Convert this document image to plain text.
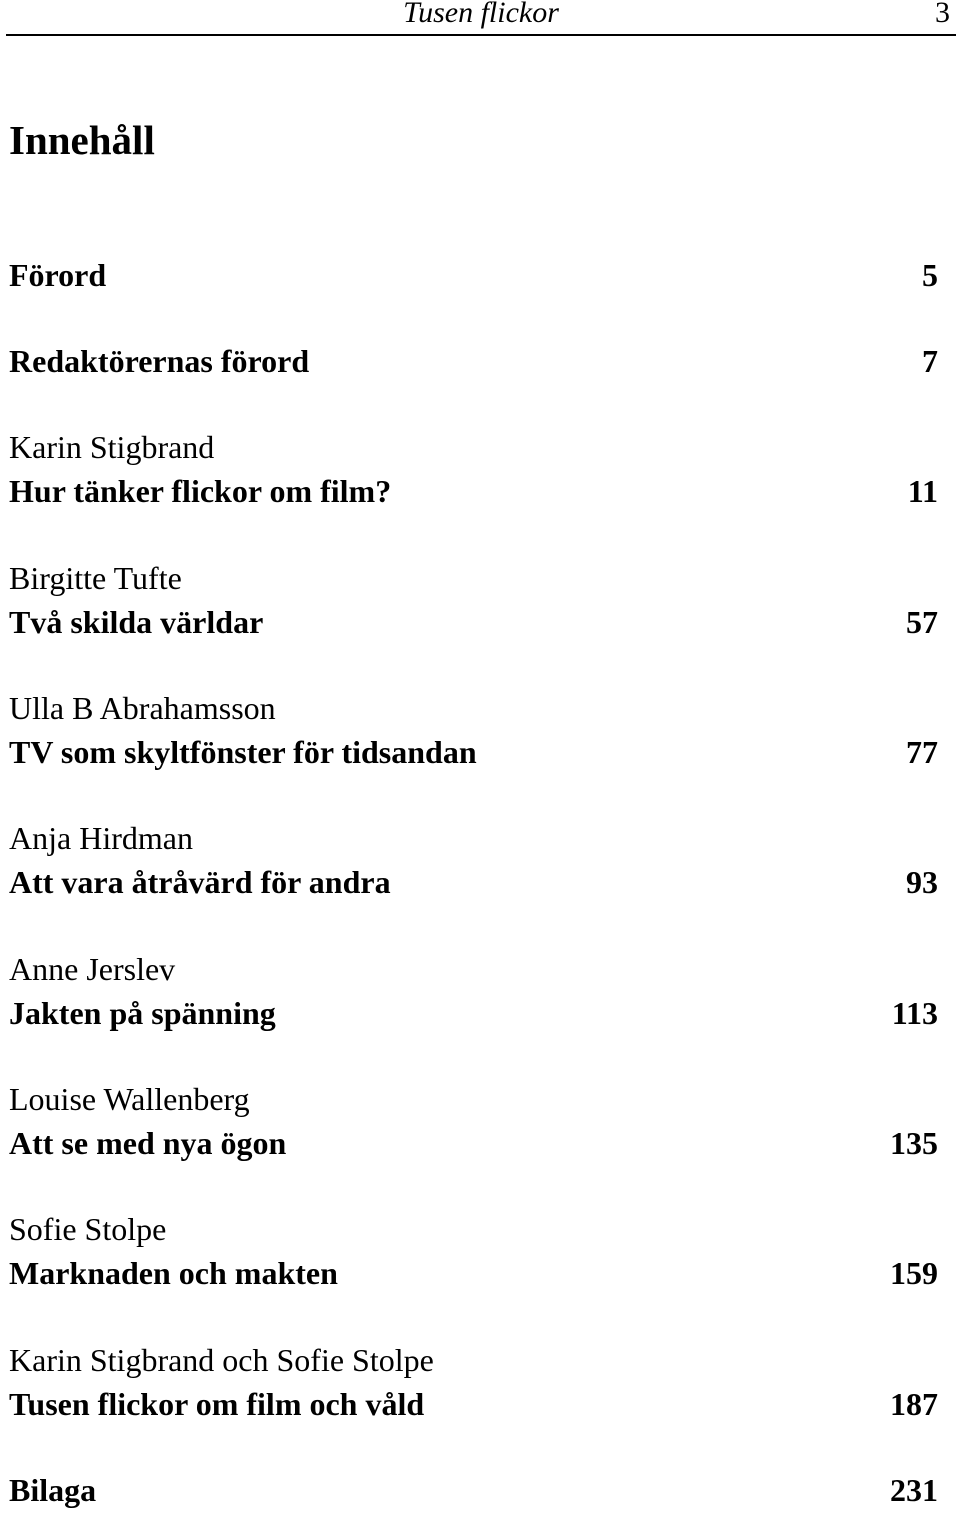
Tusen flickor	3
Innehåll
Förord	5
Redaktörernas förord	7
Karin Stigbrand
Hur tänker flickor om film?	11
Birgitte Tufte
Två skilda världar	57
Ulla B Abrahamsson
TV som skyltfönster för tidsandan	77
Anja Hirdman
Att vara åtråvärd för andra	93
Anne Jerslev
Jakten på spänning	113
Louise Wallenberg
Att se med nya ögon	135
Sofie Stolpe
Marknaden och makten	159
Karin Stigbrand och Sofie Stolpe
Tusen flickor om film och våld	187
Bilaga	231
